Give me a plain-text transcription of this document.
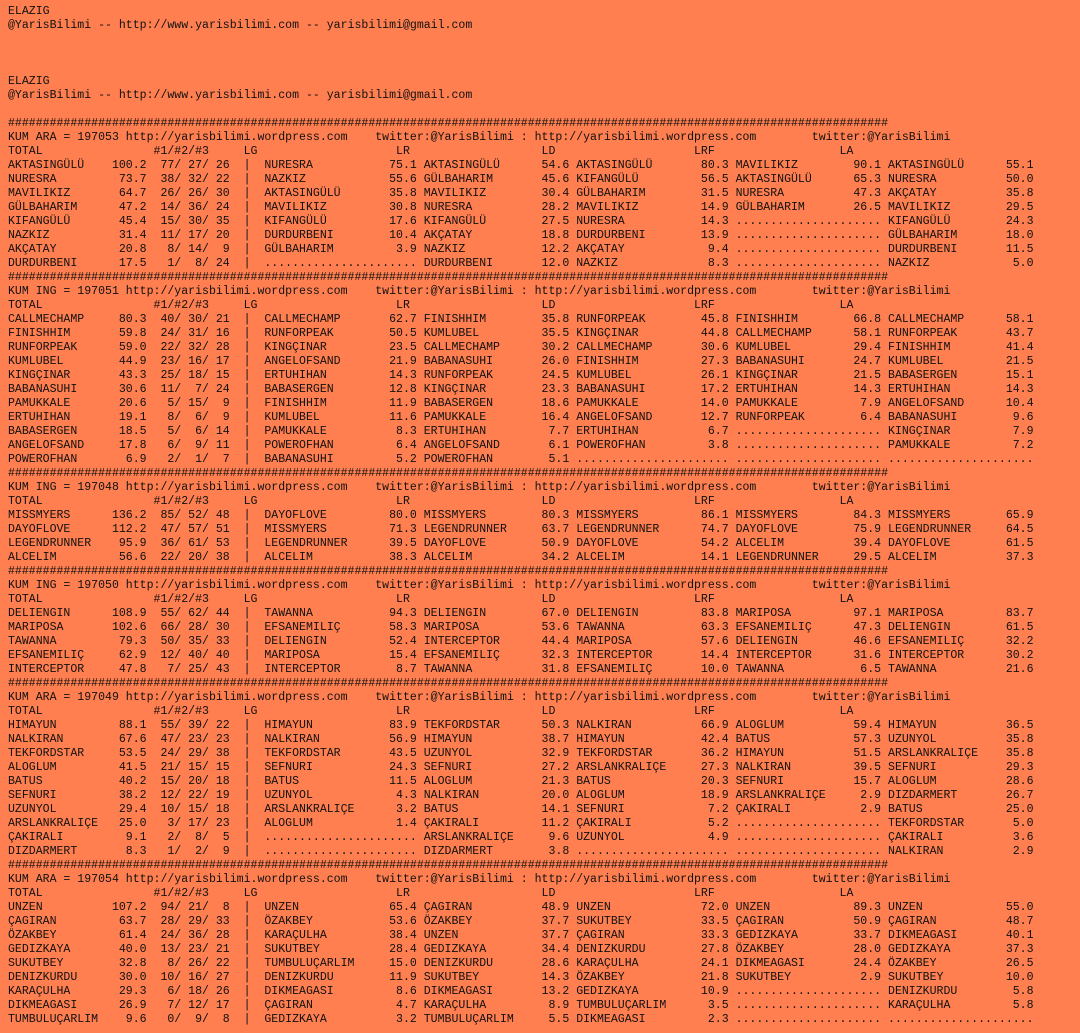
ELAZIG
@YarisBilimi -- http://www.yarisbilimi.com -- yarisbilimi@gmail.com

ELAZIG
@YarisBilimi -- http://www.yarisbilimi.com -- yarisbilimi@gmail.com

###############################################################################################################################
KUM ARA = 197053 http://yarisbilimi.wordpress.com    twitter:@YarisBilimi : http://yarisbilimi.wordpress.com        twitter:@YarisBilimi
TOTAL                #1/#2/#3     LG                    LR                   LD                    LRF                  LA
AKTASINGÜLÜ    100.2  77/ 27/ 26  |  NURESRA           75.1 AKTASINGÜLÜ      54.6 AKTASINGÜLÜ       80.3 MAVILIKIZ        90.1 AKTASINGÜLÜ      55.1
NURESRA         73.7  38/ 32/ 22  |  NAZKIZ            55.6 GÜLBAHARIM       45.6 KIFANGÜLÜ         56.5 AKTASINGÜLÜ      65.3 NURESRA          50.0
MAVILIKIZ       64.7  26/ 26/ 30  |  AKTASINGÜLÜ       35.8 MAVILIKIZ        30.4 GÜLBAHARIM        31.5 NURESRA          47.3 AKÇATAY          35.8
GÜLBAHARIM      47.2  14/ 36/ 24  |  MAVILIKIZ         30.8 NURESRA          28.2 MAVILIKIZ         14.9 GÜLBAHARIM       26.5 MAVILIKIZ        29.5
KIFANGÜLÜ       45.4  15/ 30/ 35  |  KIFANGÜLÜ         17.6 KIFANGÜLÜ        27.5 NURESRA           14.3 ..................... KIFANGÜLÜ        24.3
NAZKIZ          31.4  11/ 17/ 20  |  DURDURBENI        10.4 AKÇATAY          18.8 DURDURBENI        13.9 ..................... GÜLBAHARIM       18.0
AKÇATAY         20.8   8/ 14/  9  |  GÜLBAHARIM         3.9 NAZKIZ           12.2 AKÇATAY            9.4 ..................... DURDURBENI       11.5
DURDURBENI      17.5   1/  8/ 24  |  ...................... DURDURBENI       12.0 NAZKIZ             8.3 ..................... NAZKIZ            5.0
###############################################################################################################################
KUM ING = 197051 http://yarisbilimi.wordpress.com    twitter:@YarisBilimi : http://yarisbilimi.wordpress.com        twitter:@YarisBilimi
TOTAL                #1/#2/#3     LG                    LR                   LD                    LRF                  LA
CALLMECHAMP     80.3  40/ 30/ 21  |  CALLMECHAMP       62.7 FINISHHIM        35.8 RUNFORPEAK        45.8 FINISHHIM        66.8 CALLMECHAMP      58.1
FINISHHIM       59.8  24/ 31/ 16  |  RUNFORPEAK        50.5 KUMLUBEL         35.5 KINGÇINAR         44.8 CALLMECHAMP      58.1 RUNFORPEAK       43.7
RUNFORPEAK      59.0  22/ 32/ 28  |  KINGÇINAR         23.5 CALLMECHAMP      30.2 CALLMECHAMP       30.6 KUMLUBEL         29.4 FINISHHIM        41.4
KUMLUBEL        44.9  23/ 16/ 17  |  ANGELOFSAND       21.9 BABANASUHI       26.0 FINISHHIM         27.3 BABANASUHI       24.7 KUMLUBEL         21.5
KINGÇINAR       43.3  25/ 18/ 15  |  ERTUHIHAN         14.3 RUNFORPEAK       24.5 KUMLUBEL          26.1 KINGÇINAR        21.5 BABASERGEN       15.1
BABANASUHI      30.6  11/  7/ 24  |  BABASERGEN        12.8 KINGÇINAR        23.3 BABANASUHI        17.2 ERTUHIHAN        14.3 ERTUHIHAN        14.3
PAMUKKALE       20.6   5/ 15/  9  |  FINISHHIM         11.9 BABASERGEN       18.6 PAMUKKALE         14.0 PAMUKKALE         7.9 ANGELOFSAND      10.4
ERTUHIHAN       19.1   8/  6/  9  |  KUMLUBEL          11.6 PAMUKKALE        16.4 ANGELOFSAND       12.7 RUNFORPEAK        6.4 BABANASUHI        9.6
BABASERGEN      18.5   5/  6/ 14  |  PAMUKKALE          8.3 ERTUHIHAN         7.7 ERTUHIHAN          6.7 ..................... KINGÇINAR         7.9
ANGELOFSAND     17.8   6/  9/ 11  |  POWEROFHAN         6.4 ANGELOFSAND       6.1 POWEROFHAN         3.8 ..................... PAMUKKALE         7.2
POWEROFHAN       6.9   2/  1/  7  |  BABANASUHI         5.2 POWEROFHAN        5.1 ...................... ..................... .....................
###############################################################################################################################
KUM ING = 197048 http://yarisbilimi.wordpress.com    twitter:@YarisBilimi : http://yarisbilimi.wordpress.com        twitter:@YarisBilimi
TOTAL                #1/#2/#3     LG                    LR                   LD                    LRF                  LA
MISSMYERS      136.2  85/ 52/ 48  |  DAYOFLOVE         80.0 MISSMYERS        80.3 MISSMYERS         86.1 MISSMYERS        84.3 MISSMYERS        65.9
DAYOFLOVE      112.2  47/ 57/ 51  |  MISSMYERS         71.3 LEGENDRUNNER     63.7 LEGENDRUNNER      74.7 DAYOFLOVE        75.9 LEGENDRUNNER     64.5
LEGENDRUNNER    95.9  36/ 61/ 53  |  LEGENDRUNNER      39.5 DAYOFLOVE        50.9 DAYOFLOVE         54.2 ALCELIM          39.4 DAYOFLOVE        61.5
ALCELIM         56.6  22/ 20/ 38  |  ALCELIM           38.3 ALCELIM          34.2 ALCELIM           14.1 LEGENDRUNNER     29.5 ALCELIM          37.3
###############################################################################################################################
KUM ING = 197050 http://yarisbilimi.wordpress.com    twitter:@YarisBilimi : http://yarisbilimi.wordpress.com        twitter:@YarisBilimi
TOTAL                #1/#2/#3     LG                    LR                   LD                    LRF                  LA
DELIENGIN      108.9  55/ 62/ 44  |  TAWANNA           94.3 DELIENGIN        67.0 DELIENGIN         83.8 MARIPOSA         97.1 MARIPOSA         83.7
MARIPOSA       102.6  66/ 28/ 30  |  EFSANEMILIÇ       58.3 MARIPOSA         53.6 TAWANNA           63.3 EFSANEMILIÇ      47.3 DELIENGIN        61.5
TAWANNA         79.3  50/ 35/ 33  |  DELIENGIN         52.4 INTERCEPTOR      44.4 MARIPOSA          57.6 DELIENGIN        46.6 EFSANEMILIÇ      32.2
EFSANEMILIÇ     62.9  12/ 40/ 40  |  MARIPOSA          15.4 EFSANEMILIÇ      32.3 INTERCEPTOR       14.4 INTERCEPTOR      31.6 INTERCEPTOR      30.2
INTERCEPTOR     47.8   7/ 25/ 43  |  INTERCEPTOR        8.7 TAWANNA          31.8 EFSANEMILIÇ       10.0 TAWANNA           6.5 TAWANNA          21.6
###############################################################################################################################
KUM ARA = 197049 http://yarisbilimi.wordpress.com    twitter:@YarisBilimi : http://yarisbilimi.wordpress.com        twitter:@YarisBilimi
TOTAL                #1/#2/#3     LG                    LR                   LD                    LRF                  LA
HIMAYUN         88.1  55/ 39/ 22  |  HIMAYUN           83.9 TEKFORDSTAR      50.3 NALKIRAN          66.9 ALOGLUM          59.4 HIMAYUN          36.5
NALKIRAN        67.6  47/ 23/ 23  |  NALKIRAN          56.9 HIMAYUN          38.7 HIMAYUN           42.4 BATUS            57.3 UZUNYOL          35.8
TEKFORDSTAR     53.5  24/ 29/ 38  |  TEKFORDSTAR       43.5 UZUNYOL          32.9 TEKFORDSTAR       36.2 HIMAYUN          51.5 ARSLANKRALIÇE    35.8
ALOGLUM         41.5  21/ 15/ 15  |  SEFNURI           24.3 SEFNURI          27.2 ARSLANKRALIÇE     27.3 NALKIRAN         39.5 SEFNURI          29.3
BATUS           40.2  15/ 20/ 18  |  BATUS             11.5 ALOGLUM          21.3 BATUS             20.3 SEFNURI          15.7 ALOGLUM          28.6
SEFNURI         38.2  12/ 22/ 19  |  UZUNYOL            4.3 NALKIRAN         20.0 ALOGLUM           18.9 ARSLANKRALIÇE     2.9 DIZDARMERT       26.7
UZUNYOL         29.4  10/ 15/ 18  |  ARSLANKRALIÇE      3.2 BATUS            14.1 SEFNURI            7.2 ÇAKIRALI          2.9 BATUS            25.0
ARSLANKRALIÇE   25.0   3/ 17/ 23  |  ALOGLUM            1.4 ÇAKIRALI         11.2 ÇAKIRALI           5.2 ..................... TEKFORDSTAR       5.0
ÇAKIRALI         9.1   2/  8/  5  |  ...................... ARSLANKRALIÇE     9.6 UZUNYOL            4.9 ..................... ÇAKIRALI          3.6
DIZDARMERT       8.3   1/  2/  9  |  ...................... DIZDARMERT        3.8 ...................... ..................... NALKIRAN          2.9
###############################################################################################################################
KUM ARA = 197054 http://yarisbilimi.wordpress.com    twitter:@YarisBilimi : http://yarisbilimi.wordpress.com        twitter:@YarisBilimi
TOTAL                #1/#2/#3     LG                    LR                   LD                    LRF                  LA
UNZEN          107.2  94/ 21/  8  |  UNZEN             65.4 ÇAGIRAN          48.9 UNZEN             72.0 UNZEN            89.3 UNZEN            55.0
ÇAGIRAN         63.7  28/ 29/ 33  |  ÖZAKBEY           53.6 ÖZAKBEY          37.7 SUKUTBEY          33.5 ÇAGIRAN          50.9 ÇAGIRAN          48.7
ÖZAKBEY         61.4  24/ 36/ 28  |  KARAÇULHA         38.4 UNZEN            37.7 ÇAGIRAN           33.3 GEDIZKAYA        33.7 DIKMEAGASI       40.1
GEDIZKAYA       40.0  13/ 23/ 21  |  SUKUTBEY          28.4 GEDIZKAYA        34.4 DENIZKURDU        27.8 ÖZAKBEY          28.0 GEDIZKAYA        37.3
SUKUTBEY        32.8   8/ 26/ 22  |  TUMBULUÇARLIM     15.0 DENIZKURDU       28.6 KARAÇULHA         24.1 DIKMEAGASI       24.4 ÖZAKBEY          26.5
DENIZKURDU      30.0  10/ 16/ 27  |  DENIZKURDU        11.9 SUKUTBEY         14.3 ÖZAKBEY           21.8 SUKUTBEY          2.9 SUKUTBEY         10.0
KARAÇULHA       29.3   6/ 18/ 26  |  DIKMEAGASI         8.6 DIKMEAGASI       13.2 GEDIZKAYA         10.9 ..................... DENIZKURDU        5.8
DIKMEAGASI      26.9   7/ 12/ 17  |  ÇAGIRAN            4.7 KARAÇULHA         8.9 TUMBULUÇARLIM      3.5 ..................... KARAÇULHA         5.8
TUMBULUÇARLIM    9.6   0/  9/  8  |  GEDIZKAYA          3.2 TUMBULUÇARLIM     5.5 DIKMEAGASI         2.3 ..................... .....................
